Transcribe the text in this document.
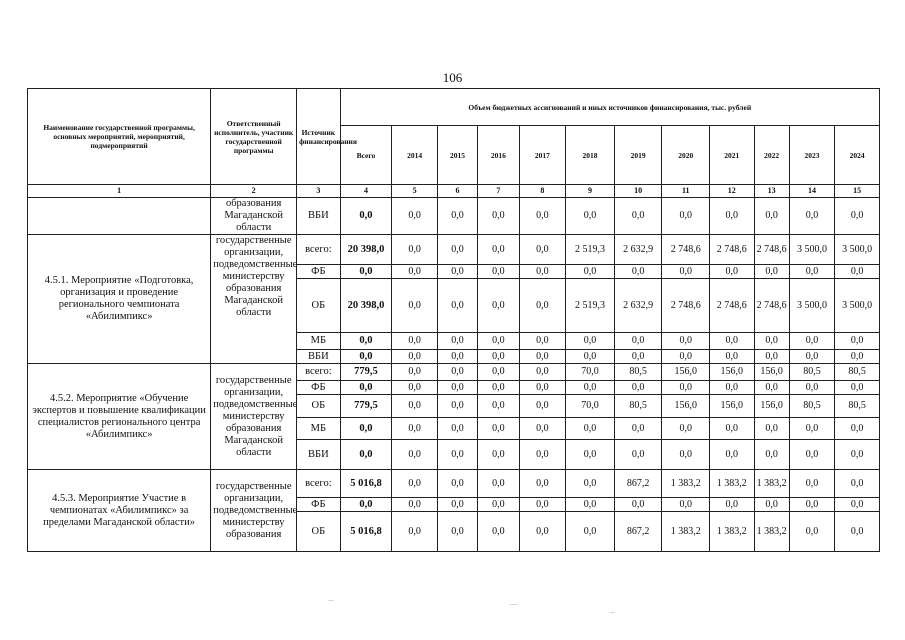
106
Наименование государственной программы, основных мероприятий, мероприятий, подмероприятий	Ответственный исполнитель, участник государственной программы	Источник финансирования	Объем бюджетных ассигнований и иных источников финансирования, тыс. рублей											
			Всего	2014	2015	2016	2017	2018	2019	2020	2021	2022	2023	2024
1	2	3	4	5	6	7	8	9	10	11	12	13	14	15
	образования Магаданской области	ВБИ	0,0	0,0	0,0	0,0	0,0	0,0	0,0	0,0	0,0	0,0	0,0	0,0
4.5.1. Мероприятие «Подготовка, организация и проведение регионального чемпионата «Абилимпикс»	государственные организации, подведомственные министерству образования Магаданской области	всего:	20 398,0	0,0	0,0	0,0	0,0	2 519,3	2 632,9	2 748,6	2 748,6	2 748,6	3 500,0	3 500,0
		ФБ	0,0	0,0	0,0	0,0	0,0	0,0	0,0	0,0	0,0	0,0	0,0	0,0
		ОБ	20 398,0	0,0	0,0	0,0	0,0	2 519,3	2 632,9	2 748,6	2 748,6	2 748,6	3 500,0	3 500,0
		МБ	0,0	0,0	0,0	0,0	0,0	0,0	0,0	0,0	0,0	0,0	0,0	0,0
		ВБИ	0,0	0,0	0,0	0,0	0,0	0,0	0,0	0,0	0,0	0,0	0,0	0,0
4.5.2. Мероприятие «Обучение экспертов и повышение квалификации специалистов регионального центра «Абилимпикс»	государственные организации, подведомственные министерству образования Магаданской области	всего:	779,5	0,0	0,0	0,0	0,0	70,0	80,5	156,0	156,0	156,0	80,5	80,5
		ФБ	0,0	0,0	0,0	0,0	0,0	0,0	0,0	0,0	0,0	0,0	0,0	0,0
		ОБ	779,5	0,0	0,0	0,0	0,0	70,0	80,5	156,0	156,0	156,0	80,5	80,5
		МБ	0,0	0,0	0,0	0,0	0,0	0,0	0,0	0,0	0,0	0,0	0,0	0,0
		ВБИ	0,0	0,0	0,0	0,0	0,0	0,0	0,0	0,0	0,0	0,0	0,0	0,0
4.5.3. Мероприятие Участие в чемпионатах «Абилимпикс» за пределами Магаданской области»	государственные организации, подведомственные министерству образования	всего:	5 016,8	0,0	0,0	0,0	0,0	0,0	867,2	1 383,2	1 383,2	1 383,2	0,0	0,0
		ФБ	0,0	0,0	0,0	0,0	0,0	0,0	0,0	0,0	0,0	0,0	0,0	0,0
		ОБ	5 016,8	0,0	0,0	0,0	0,0	0,0	867,2	1 383,2	1 383,2	1 383,2	0,0	0,0
